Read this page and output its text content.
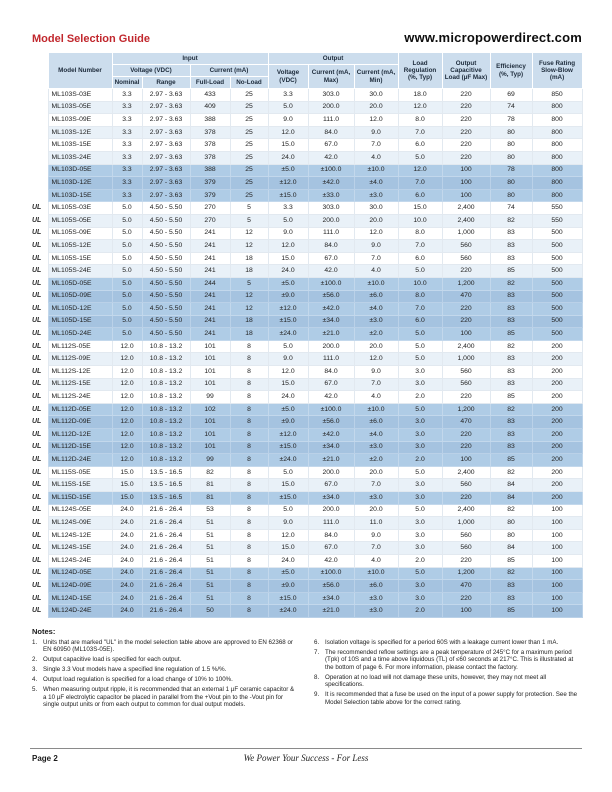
Model Selection Guide	www.micropowerdirect.com
	Model Number	Input				Output			Load Regulation (%, Typ)	Output Capacitive Load (µF Max)	Efficiency (%, Typ)	Fuse Rating Slow-Blow (mA)
		Voltage (VDC)		Current (mA)		Voltage (VDC)	Current (mA, Max)	Current (mA, Min)				
		Nominal	Range	Full-Load	No-Load							
	ML103S-03E	3.3	2.97 - 3.63	433	25	3.3	303.0	30.0	18.0	220	69	850
	ML103S-05E	3.3	2.97 - 3.63	409	25	5.0	200.0	20.0	12.0	220	74	800
	ML103S-09E	3.3	2.97 - 3.63	388	25	9.0	111.0	12.0	8.0	220	78	800
	ML103S-12E	3.3	2.97 - 3.63	378	25	12.0	84.0	9.0	7.0	220	80	800
	ML103S-15E	3.3	2.97 - 3.63	378	25	15.0	67.0	7.0	6.0	220	80	800
	ML103S-24E	3.3	2.97 - 3.63	378	25	24.0	42.0	4.0	5.0	220	80	800
	ML103D-05E	3.3	2.97 - 3.63	388	25	±5.0	±100.0	±10.0	12.0	100	78	800
	ML103D-12E	3.3	2.97 - 3.63	379	25	±12.0	±42.0	±4.0	7.0	100	80	800
	ML103D-15E	3.3	2.97 - 3.63	379	25	±15.0	±33.0	±3.0	6.0	100	80	800
UL	ML105S-03E	5.0	4.50 - 5.50	270	5	3.3	303.0	30.0	15.0	2,400	74	550
UL	ML105S-05E	5.0	4.50 - 5.50	270	5	5.0	200.0	20.0	10.0	2,400	82	550
UL	ML105S-09E	5.0	4.50 - 5.50	241	12	9.0	111.0	12.0	8.0	1,000	83	500
UL	ML105S-12E	5.0	4.50 - 5.50	241	12	12.0	84.0	9.0	7.0	560	83	500
UL	ML105S-15E	5.0	4.50 - 5.50	241	18	15.0	67.0	7.0	6.0	560	83	500
UL	ML105S-24E	5.0	4.50 - 5.50	241	18	24.0	42.0	4.0	5.0	220	85	500
UL	ML105D-05E	5.0	4.50 - 5.50	244	5	±5.0	±100.0	±10.0	10.0	1,200	82	500
UL	ML105D-09E	5.0	4.50 - 5.50	241	12	±9.0	±56.0	±6.0	8.0	470	83	500
UL	ML105D-12E	5.0	4.50 - 5.50	241	12	±12.0	±42.0	±4.0	7.0	220	83	500
UL	ML105D-15E	5.0	4.50 - 5.50	241	18	±15.0	±34.0	±3.0	6.0	220	83	500
UL	ML105D-24E	5.0	4.50 - 5.50	241	18	±24.0	±21.0	±2.0	5.0	100	85	500
UL	ML112S-05E	12.0	10.8 - 13.2	101	8	5.0	200.0	20.0	5.0	2,400	82	200
UL	ML112S-09E	12.0	10.8 - 13.2	101	8	9.0	111.0	12.0	5.0	1,000	83	200
UL	ML112S-12E	12.0	10.8 - 13.2	101	8	12.0	84.0	9.0	3.0	560	83	200
UL	ML112S-15E	12.0	10.8 - 13.2	101	8	15.0	67.0	7.0	3.0	560	83	200
UL	ML112S-24E	12.0	10.8 - 13.2	99	8	24.0	42.0	4.0	2.0	220	85	200
UL	ML112D-05E	12.0	10.8 - 13.2	102	8	±5.0	±100.0	±10.0	5.0	1,200	82	200
UL	ML112D-09E	12.0	10.8 - 13.2	101	8	±9.0	±56.0	±6.0	3.0	470	83	200
UL	ML112D-12E	12.0	10.8 - 13.2	101	8	±12.0	±42.0	±4.0	3.0	220	83	200
UL	ML112D-15E	12.0	10.8 - 13.2	101	8	±15.0	±34.0	±3.0	3.0	220	83	200
UL	ML112D-24E	12.0	10.8 - 13.2	99	8	±24.0	±21.0	±2.0	2.0	100	85	200
UL	ML115S-05E	15.0	13.5 - 16.5	82	8	5.0	200.0	20.0	5.0	2,400	82	200
UL	ML115S-15E	15.0	13.5 - 16.5	81	8	15.0	67.0	7.0	3.0	560	84	200
UL	ML115D-15E	15.0	13.5 - 16.5	81	8	±15.0	±34.0	±3.0	3.0	220	84	200
UL	ML124S-05E	24.0	21.6 - 26.4	53	8	5.0	200.0	20.0	5.0	2,400	82	100
UL	ML124S-09E	24.0	21.6 - 26.4	51	8	9.0	111.0	11.0	3.0	1,000	80	100
UL	ML124S-12E	24.0	21.6 - 26.4	51	8	12.0	84.0	9.0	3.0	560	80	100
UL	ML124S-15E	24.0	21.6 - 26.4	51	8	15.0	67.0	7.0	3.0	560	84	100
UL	ML124S-24E	24.0	21.6 - 26.4	51	8	24.0	42.0	4.0	2.0	220	85	100
UL	ML124D-05E	24.0	21.6 - 26.4	51	8	±5.0	±100.0	±10.0	5.0	1,200	82	100
UL	ML124D-09E	24.0	21.6 - 26.4	51	8	±9.0	±56.0	±6.0	3.0	470	83	100
UL	ML124D-15E	24.0	21.6 - 26.4	51	8	±15.0	±34.0	±3.0	3.0	220	83	100
UL	ML124D-24E	24.0	21.6 - 26.4	50	8	±24.0	±21.0	±3.0	2.0	100	85	100
Notes:
1. Units that are marked "UL" in the model selection table above are approved to EN 62368 or EN 60950 (ML103S-05E).
2. Output capacitive load is specified for each output.
3. Single 3.3 Vout models have a specified line regulation of 1.5 %/%.
4. Output load regulation is specified for a load change of 10% to 100%.
5. When measuring output ripple, it is recommended that an external 1 µF ceramic capacitor & a 10 µF electrolytic capacitor be placed in parallel from the +Vout pin to the -Vout pin for single output units or from each output to common for dual output models.
6. Isolation voltage is specified for a period 60S with a leakage current lower than 1 mA.
7. The recommended reflow settings are a peak temperature of 245°C for a maximum period (Tpk) of 10S and a time above liquidous (TL) of ≤60 seconds at 217°C. This is illustrated at the bottom of page 6. For more information, please contact the factory.
8. Operation at no load will not damage these units, however, they may not meet all specifications.
9. It is recommended that a fuse be used on the input of a power supply for protection. See the Model Selection table above for the correct rating.
Page 2	We Power Your Success - For Less
